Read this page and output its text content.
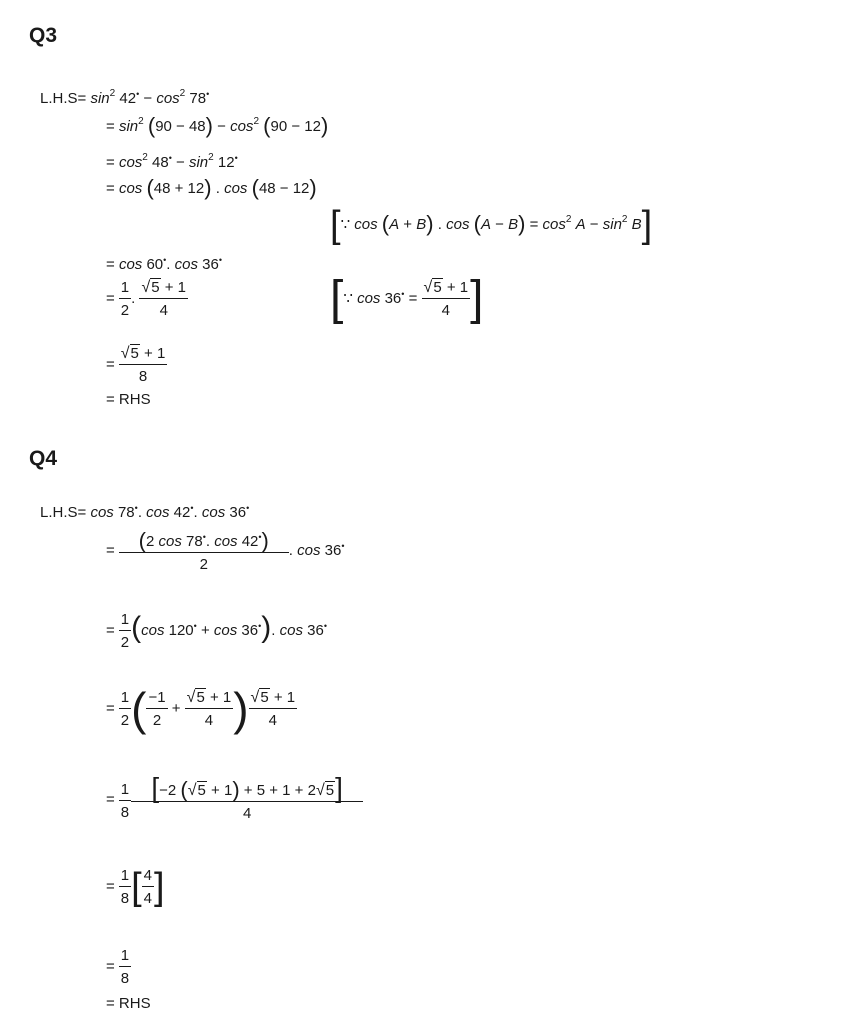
Q3
$L.H.S= \sin^2 42^• - \cos^2 78^•$
= $\sin^2 (90 - 48) - \cos^2 (90 - 12)$
= $\cos^2 48^• - \sin^2 12^•$
= cos (48 + 12) . cos (48 − 12)
[∵ cos (A + B) . $\cos (A - B) = \cos^2 A - \sin^2 B$]
= cos 60•. cos 36•
= $\frac{1}{2}$ . $\frac{√5 + 1}{4}$	[∵ $\cos 36^• = \frac{√5 + 1}{4}$ ]
= $\frac{√5 + 1}{8}$
= RHS
Q4
L.H.S= cos 78•. cos 42•. cos 36•
= $\frac{(2 \cos 78^•. \cos 42^•)}{2}$ . cos 36•
= $\frac{1}{2} (\cos$ 120• + cos 36•). cos 36•
= $\frac{1}{2}$ ( $\frac{-1}{2} + \frac{√5 + 1}{4}$ ) $\frac{√5 + 1}{4}$
= $\frac{1}{8} \frac{[-2 (√5 + 1) + 5 + 1 + 2√5]}{4}$
= $\frac{1}{8}$ [ $\frac{4}{4}$ ]
= $\frac{1}{8}$
= RHS
